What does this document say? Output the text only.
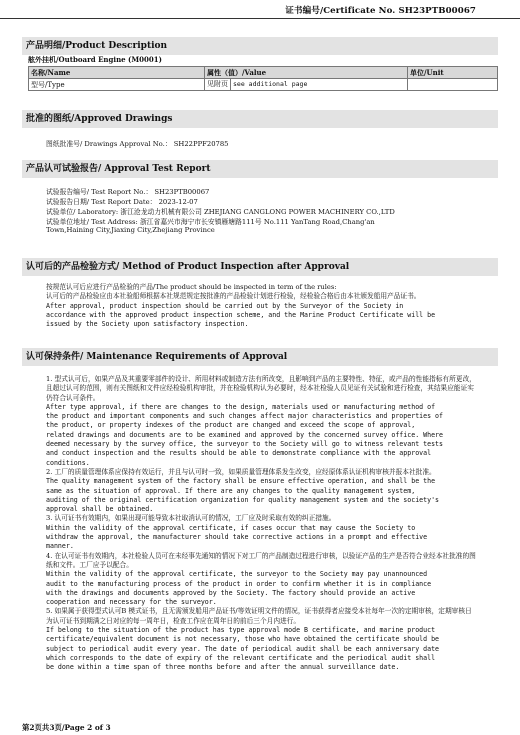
证书编号/Certificate No. SH23PTB00067
产品明细/Product Description
舷外挂机/Outboard Engine (M0001)
名称/Name	属性（值）/Value	单位/Unit
型号/Type	见附页 see additional page	
批准的图纸/Approved Drawings
图纸批准号/ Drawings Approval No.： SH22PPF20785
产品认可试验报告/ Approval Test Report
试验报告编号/ Test Report No.： SH23PTB00067
试验报告日期/ Test Report Date： 2023-12-07
试验单位/ Laboratory: 浙江沧龙动力机械有限公司 ZHEJIANG CANGLONG POWER MACHINERY CO.,LTD
试验单位地址/ Test Address: 浙江省嘉兴市海宁市长安镇雁塘路111号 No.111 YanTang Road,Chang'an
Town,Haining City,Jiaxing City,Zhejiang Province
认可后的产品检验方式/ Method of Product Inspection after Approval

按规范认可后应进行产品检验的产品/The product should be inspected in term of the rules:

认可后的产品检验应由本社验船师根据本社规范规定按批准的产品检验计划进行检验，经检验合格后由本社颁发船用产品证书。

After approval, product inspection should be carried out by the Surveyor of the Society in

accordance with the approved product inspection scheme, and the Marine Product Certificate will be

issued by the Society upon satisfactory inspection.

认可保持条件/ Maintenance Requirements of Approval

1. 型式认可后，如果产品及其重要零部件的设计、所用材料或制造方法有所改变，且影响到产品的主要特性、特征，或产品的性能指标有所更改，且超过认可的范围，则有关图纸和文件应经检验机构审批，并在检验机构认为必要时，经本社检验人员见证有关试验和进行检查，其结果应能证实仍符合认可条件。

After type approval, if there are changes to the design, materials used or manufacturing method of

the product and important components and such changes affect major characteristics and properties of

the product, or property indexes of the product are changed and exceed the scope of approval,

related drawings and documents are to be examined and approved by the concerned survey office. Where

deemed necessary by the survey office, the surveyor to the Society will go to witness relevant tests

and conduct inspection and the results should be able to demonstrate compliance with the approval

conditions.

2. 工厂的质量管理体系应保持有效运行，并且与认可时一致，如果质量管理体系发生改变，应经原体系认证机构审核并报本社批准。

The quality management system of the factory shall be ensure effective operation, and shall be the

same as the situation of approval. If there are any changes to the quality management system,

auditing of the original certification organization for quality management system and the society's

approval shall be obtained.

3. 认可证书有效期内，如果出现可能导致本社取消认可的情况，工厂应及时采取有效的纠正措施。

Within the validity of the approval certificate, if cases occur that may cause the Society to

withdraw the approval, the manufacturer should take corrective actions in a prompt and effective

manner.

4. 在认可证书有效期内，本社检验人员可在未经事先通知的情况下对工厂的产品制造过程进行审核，以验证产品的生产是否符合业经本社批准的图纸和文件。工厂应予以配合。

Within the validity of the approval certificate, the surveyor to the Society may pay unannounced

audit to the manufacturing process of the product in order to confirm whether it is in compliance

with the drawings and documents approved by the Society. The factory should provide an active

cooperation and necessary for the surveyor.

5. 如果属于获得型式认可B 模式证书，且无需颁发船用产品证书/等效证明文件的情况，证书获得者应接受本社每年一次的定期审核，定期审核日为认可证书到期满之日对应的每一周年日，检查工作应在周年日的前后三个月内进行。

If belong to the situation of the product has type approval mode B certificate, and marine product

certificate/equivalent document is not necessary, those who have obtained the certificate should be

subject to periodical audit every year. The date of periodical audit shall be each anniversary date

which corresponds to the date of expiry of the relevant certificate and the periodical audit shall

be done within a time span of three months before and after the annual surveillance date.

第2页共3页/Page 2 of 3
